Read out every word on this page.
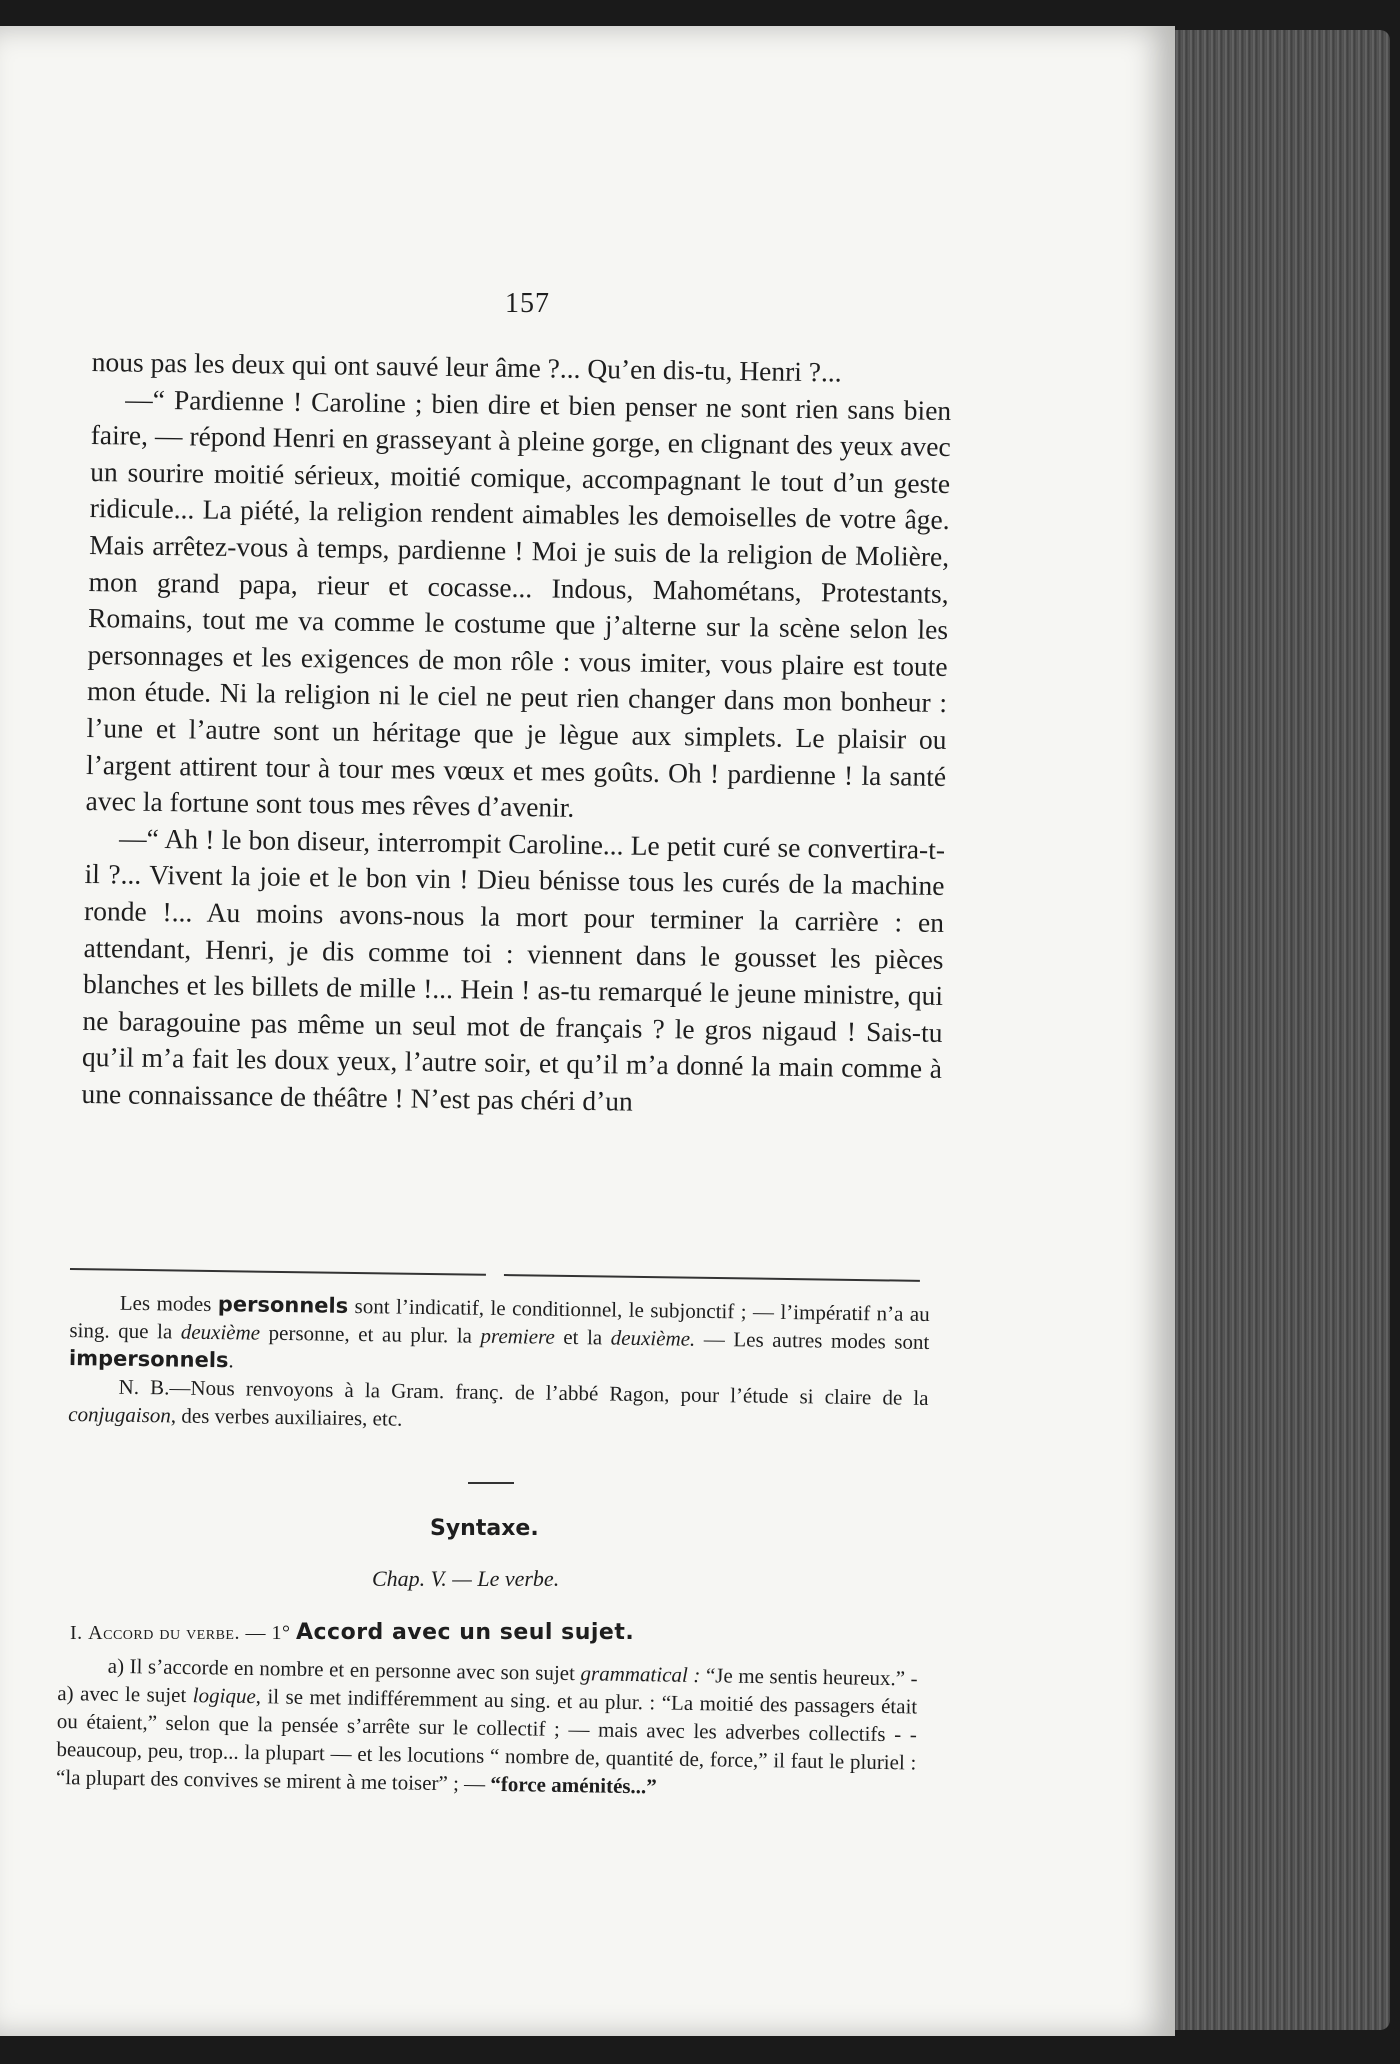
157

nous pas les deux qui ont sauvé leur âme ?... Qu’en dis-tu, Henri ?...

—“ Pardienne ! Caroline ; bien dire et bien penser ne sont rien sans bien faire, — répond Henri en grasseyant à pleine gorge, en clignant des yeux avec un sourire moitié sérieux, moitié comique, accompagnant le tout d’un geste ridicule... La piété, la religion rendent aimables les demoiselles de votre âge. Mais arrêtez-vous à temps, pardienne ! Moi je suis de la religion de Molière, mon grand papa, rieur et cocasse... Indous, Mahométans, Protestants, Romains, tout me va comme le costume que j’alterne sur la scène selon les personnages et les exigences de mon rôle : vous imiter, vous plaire est toute mon étude. Ni la religion ni le ciel ne peut rien changer dans mon bonheur : l’une et l’autre sont un héritage que je lègue aux simplets. Le plaisir ou l’argent attirent tour à tour mes vœux et mes goûts. Oh ! pardienne ! la santé avec la fortune sont tous mes rêves d’avenir.

—“ Ah ! le bon diseur, interrompit Caroline... Le petit curé se convertira-t-il ?... Vivent la joie et le bon vin ! Dieu bénisse tous les curés de la machine ronde !... Au moins avons-nous la mort pour terminer la carrière : en attendant, Henri, je dis comme toi : viennent dans le gousset les pièces blanches et les billets de mille !... Hein ! as-tu remarqué le jeune ministre, qui ne baragouine pas même un seul mot de français ? le gros nigaud ! Sais-tu qu’il m’a fait les doux yeux, l’autre soir, et qu’il m’a donné la main comme à une connaissance de théâtre ! N’est pas chéri d’un

Les modes personnels sont l’indicatif, le conditionnel, le subjonctif ; — l’impératif n’a au sing. que la deuxième personne, et au plur. la premiere et la deuxième. — Les autres modes sont impersonnels.

N. B.—Nous renvoyons à la Gram. franç. de l’abbé Ragon, pour l’étude si claire de la conjugaison, des verbes auxiliaires, etc.

Syntaxe.
Chap. V. — Le verbe.
I. Accord du verbe. — 1° Accord avec un seul sujet.

a) Il s’accorde en nombre et en personne avec son sujet grammatical : “Je me sentis heureux.” - a) avec le sujet logique, il se met indifféremment au sing. et au plur. : “La moitié des passagers était ou étaient,” selon que la pensée s’arrête sur le collectif ; — mais avec les adverbes collectifs - - beaucoup, peu, trop... la plupart — et les locutions “ nombre de, quantité de, force,” il faut le pluriel : “la plupart des convives se mirent à me toiser” ; — “force aménités...”
